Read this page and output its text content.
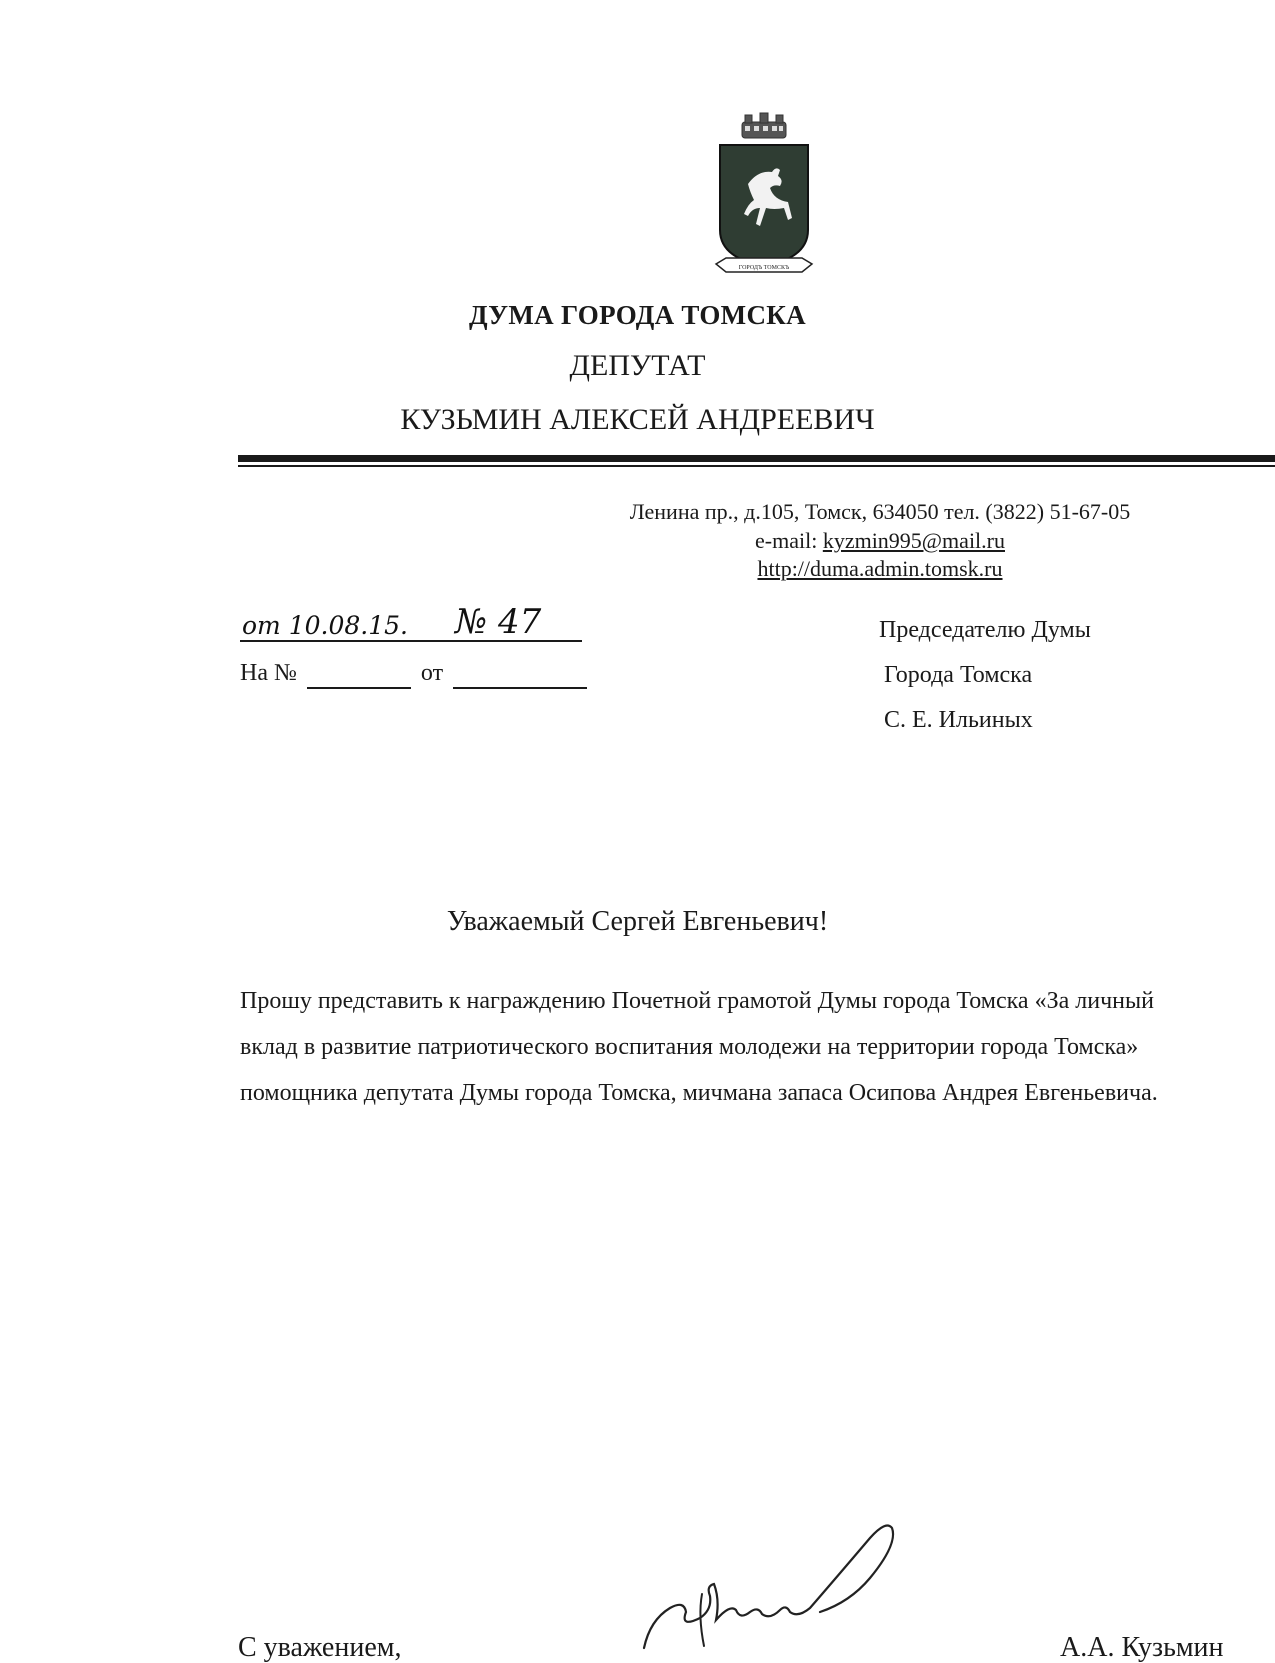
ГОРОДЪ ТОМСКЪ
ДУМА ГОРОДА ТОМСКА
ДЕПУТАТ
КУЗЬМИН АЛЕКСЕЙ АНДРЕЕВИЧ
Ленина пр., д.105, Томск, 634050 тел. (3822) 51-67-05
e-mail: kyzmin995@mail.ru
http://duma.admin.tomsk.ru
от 10.08.15. № 47
На №	от
Председателю Думы
Города Томска
С. Е. Ильиных
Уважаемый Сергей Евгеньевич!
Прошу представить к награждению Почетной грамотой Думы города Томска «За личный
вклад в развитие патриотического воспитания молодежи на территории города Томска»
помощника депутата Думы города Томска, мичмана запаса Осипова Андрея Евгеньевича.
С уважением,	А.А. Кузьмин
